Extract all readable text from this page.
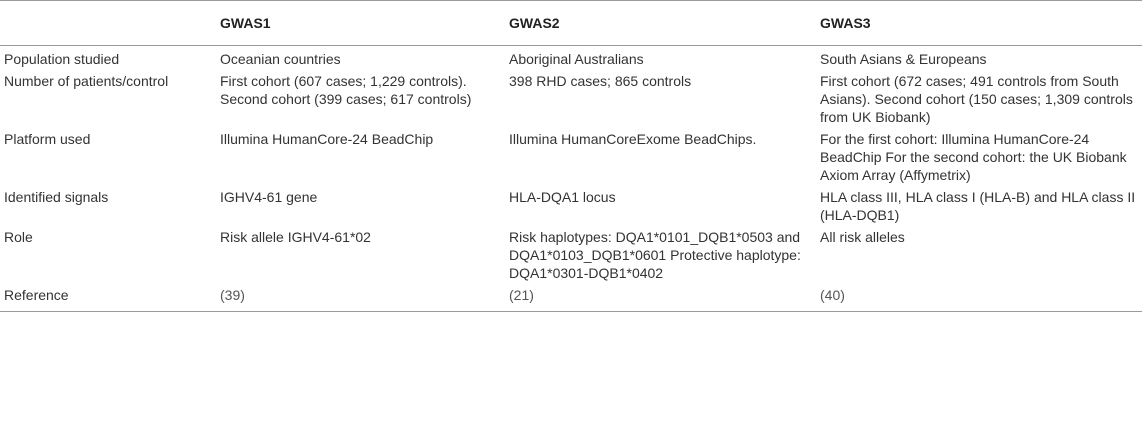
	GWAS1	GWAS2	GWAS3
Population studied	Oceanian countries	Aboriginal Australians	South Asians & Europeans
Number of patients/control	First cohort (607 cases; 1,229 controls). Second cohort (399 cases; 617 controls)	398 RHD cases; 865 controls	First cohort (672 cases; 491 controls from South Asians). Second cohort (150 cases; 1,309 controls from UK Biobank)
Platform used	Illumina HumanCore-24 BeadChip	Illumina HumanCoreExome BeadChips.	For the first cohort: Illumina HumanCore-24 BeadChip For the second cohort: the UK Biobank Axiom Array (Affymetrix)
Identified signals	IGHV4-61 gene	HLA-DQA1 locus	HLA class III, HLA class I (HLA-B) and HLA class II (HLA-DQB1)
Role	Risk allele IGHV4-61*02	Risk haplotypes: DQA1*0101_DQB1*0503 and DQA1*0103_DQB1*0601 Protective haplotype: DQA1*0301-DQB1*0402	All risk alleles
Reference	(39)	(21)	(40)
